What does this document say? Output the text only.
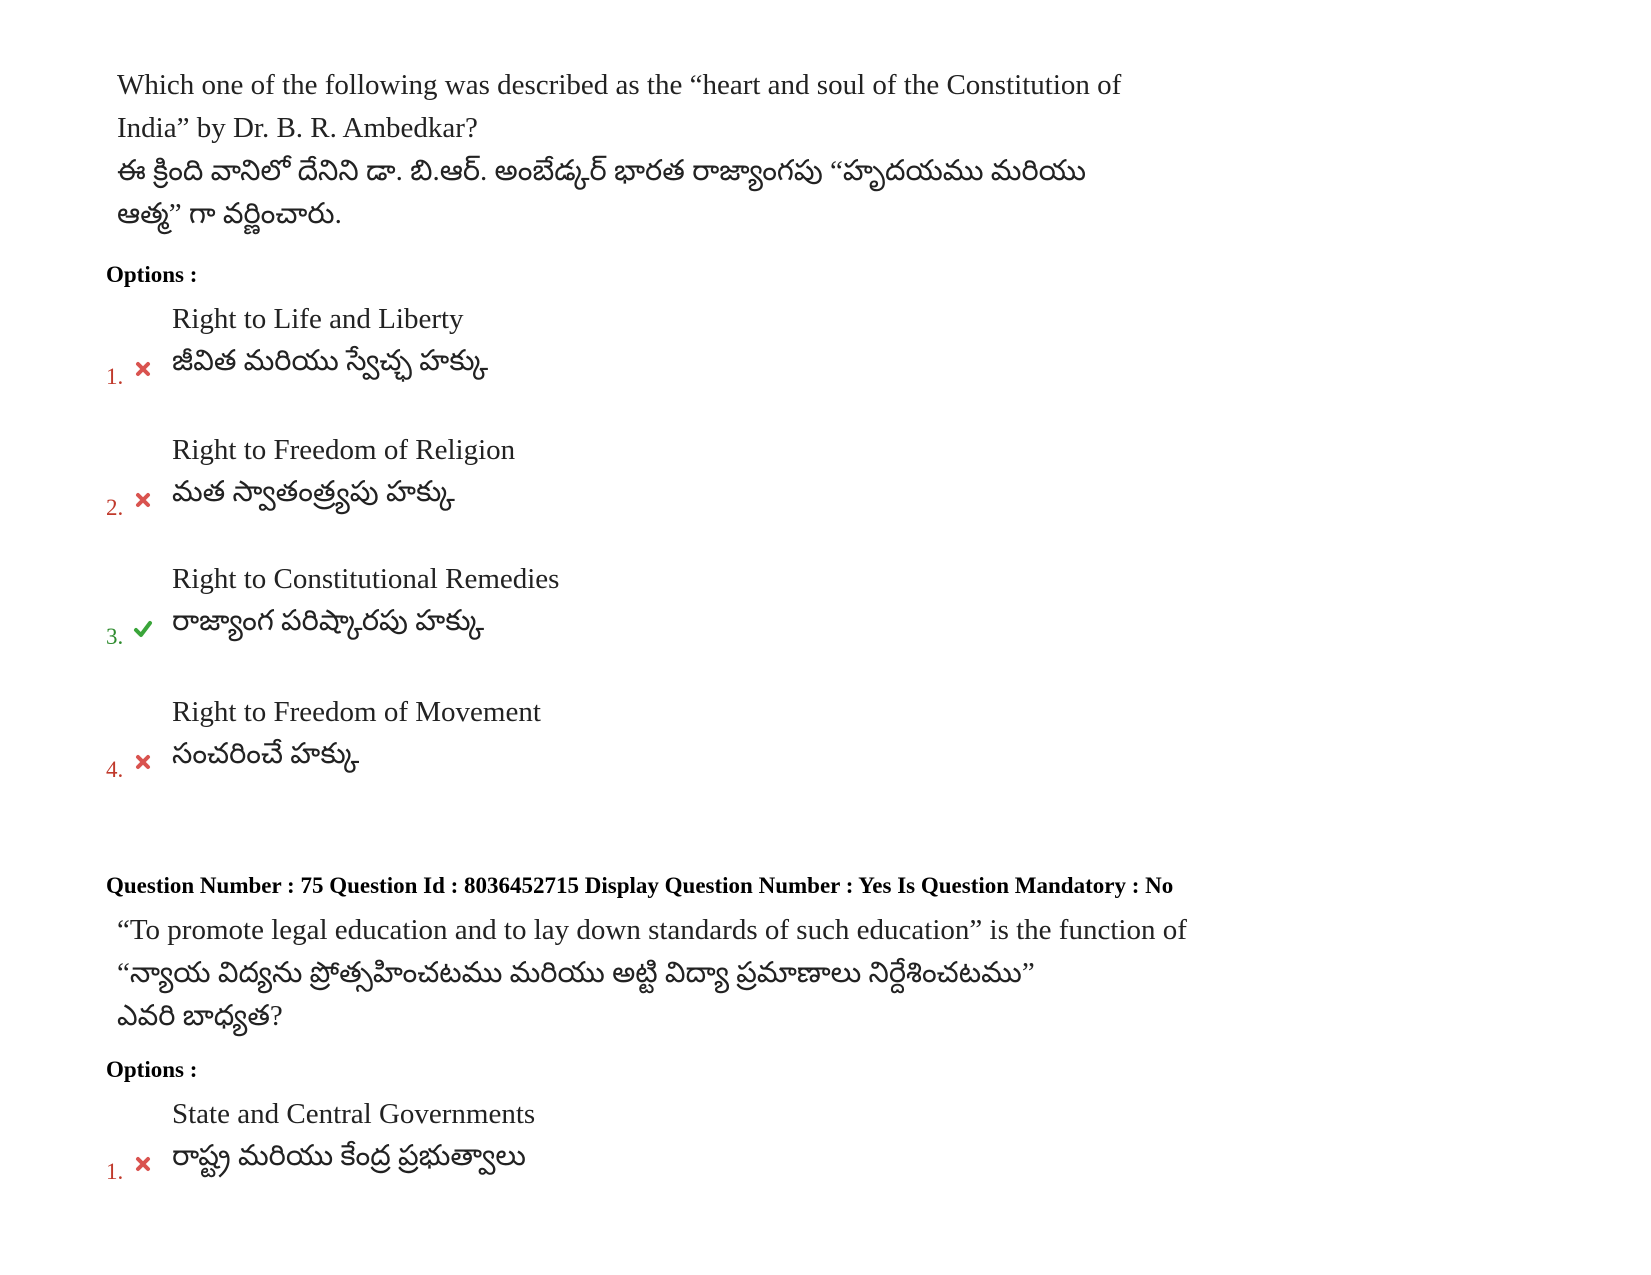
Which one of the following was described as the “heart and soul of the Constitution of
India” by Dr. B. R. Ambedkar?
ఈ క్రింది వానిలో దేనిని డా. బి.ఆర్. అంబేడ్కర్ భారత రాజ్యాంగపు “హృదయము మరియు
ఆత్మ” గా వర్ణించారు.
Options :
Right to Life and Liberty
జీవిత మరియు స్వేచ్ఛ హక్కు
1.
Right to Freedom of Religion
మత స్వాతంత్ర్యపు హక్కు
2.
Right to Constitutional Remedies
రాజ్యాంగ పరిష్కారపు హక్కు
3.
Right to Freedom of Movement
సంచరించే హక్కు
4.
Question Number : 75 Question Id : 8036452715 Display Question Number : Yes Is Question Mandatory : No
“To promote legal education and to lay down standards of such education” is the function of
“న్యాయ విద్యను ప్రోత్సహించటము మరియు అట్టి విద్యా ప్రమాణాలు నిర్దేశించటము”
ఎవరి బాధ్యత?
Options :
State and Central Governments
రాష్ట్ర మరియు కేంద్ర ప్రభుత్వాలు
1.
